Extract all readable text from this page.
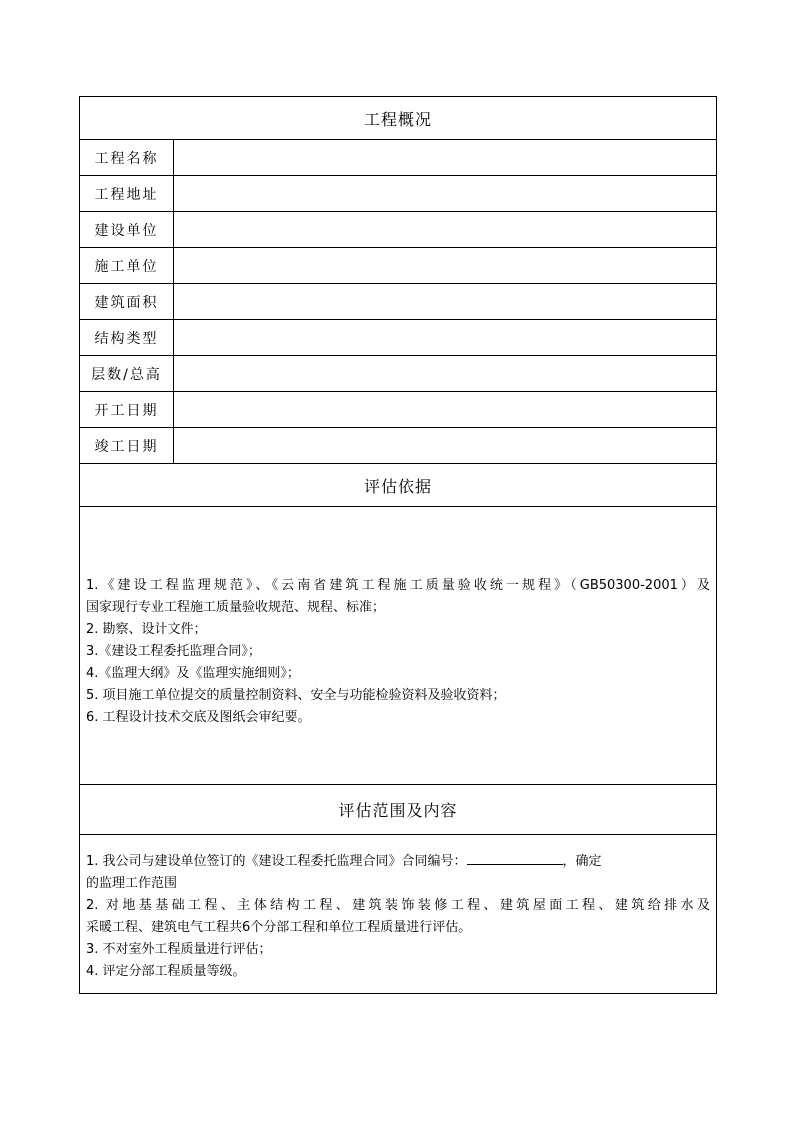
工程概况
工程名称
工程地址
建设单位
施工单位
建筑面积
结构类型
层数/总高
开工日期
竣工日期
评估依据
1.《建设工程监理规范》、《云南省建筑工程施工质量验收统一规程》（GB50300-2001）及
国家现行专业工程施工质量验收规范、规程、标准；
2. 勘察、设计文件；
3.《建设工程委托监理合同》；
4.《监理大纲》及《监理实施细则》；
5. 项目施工单位提交的质量控制资料、安全与功能检验资料及验收资料；
6. 工程设计技术交底及图纸会审纪要。
评估范围及内容
1. 我公司与建设单位签订的《建设工程委托监理合同》合同编号：	，确定
的监理工作范围
2. 对地基基础工程、主体结构工程、建筑装饰装修工程、建筑屋面工程、建筑给排水及
采暖工程、建筑电气工程共6个分部工程和单位工程质量进行评估。
3. 不对室外工程质量进行评估；
4. 评定分部工程质量等级。
